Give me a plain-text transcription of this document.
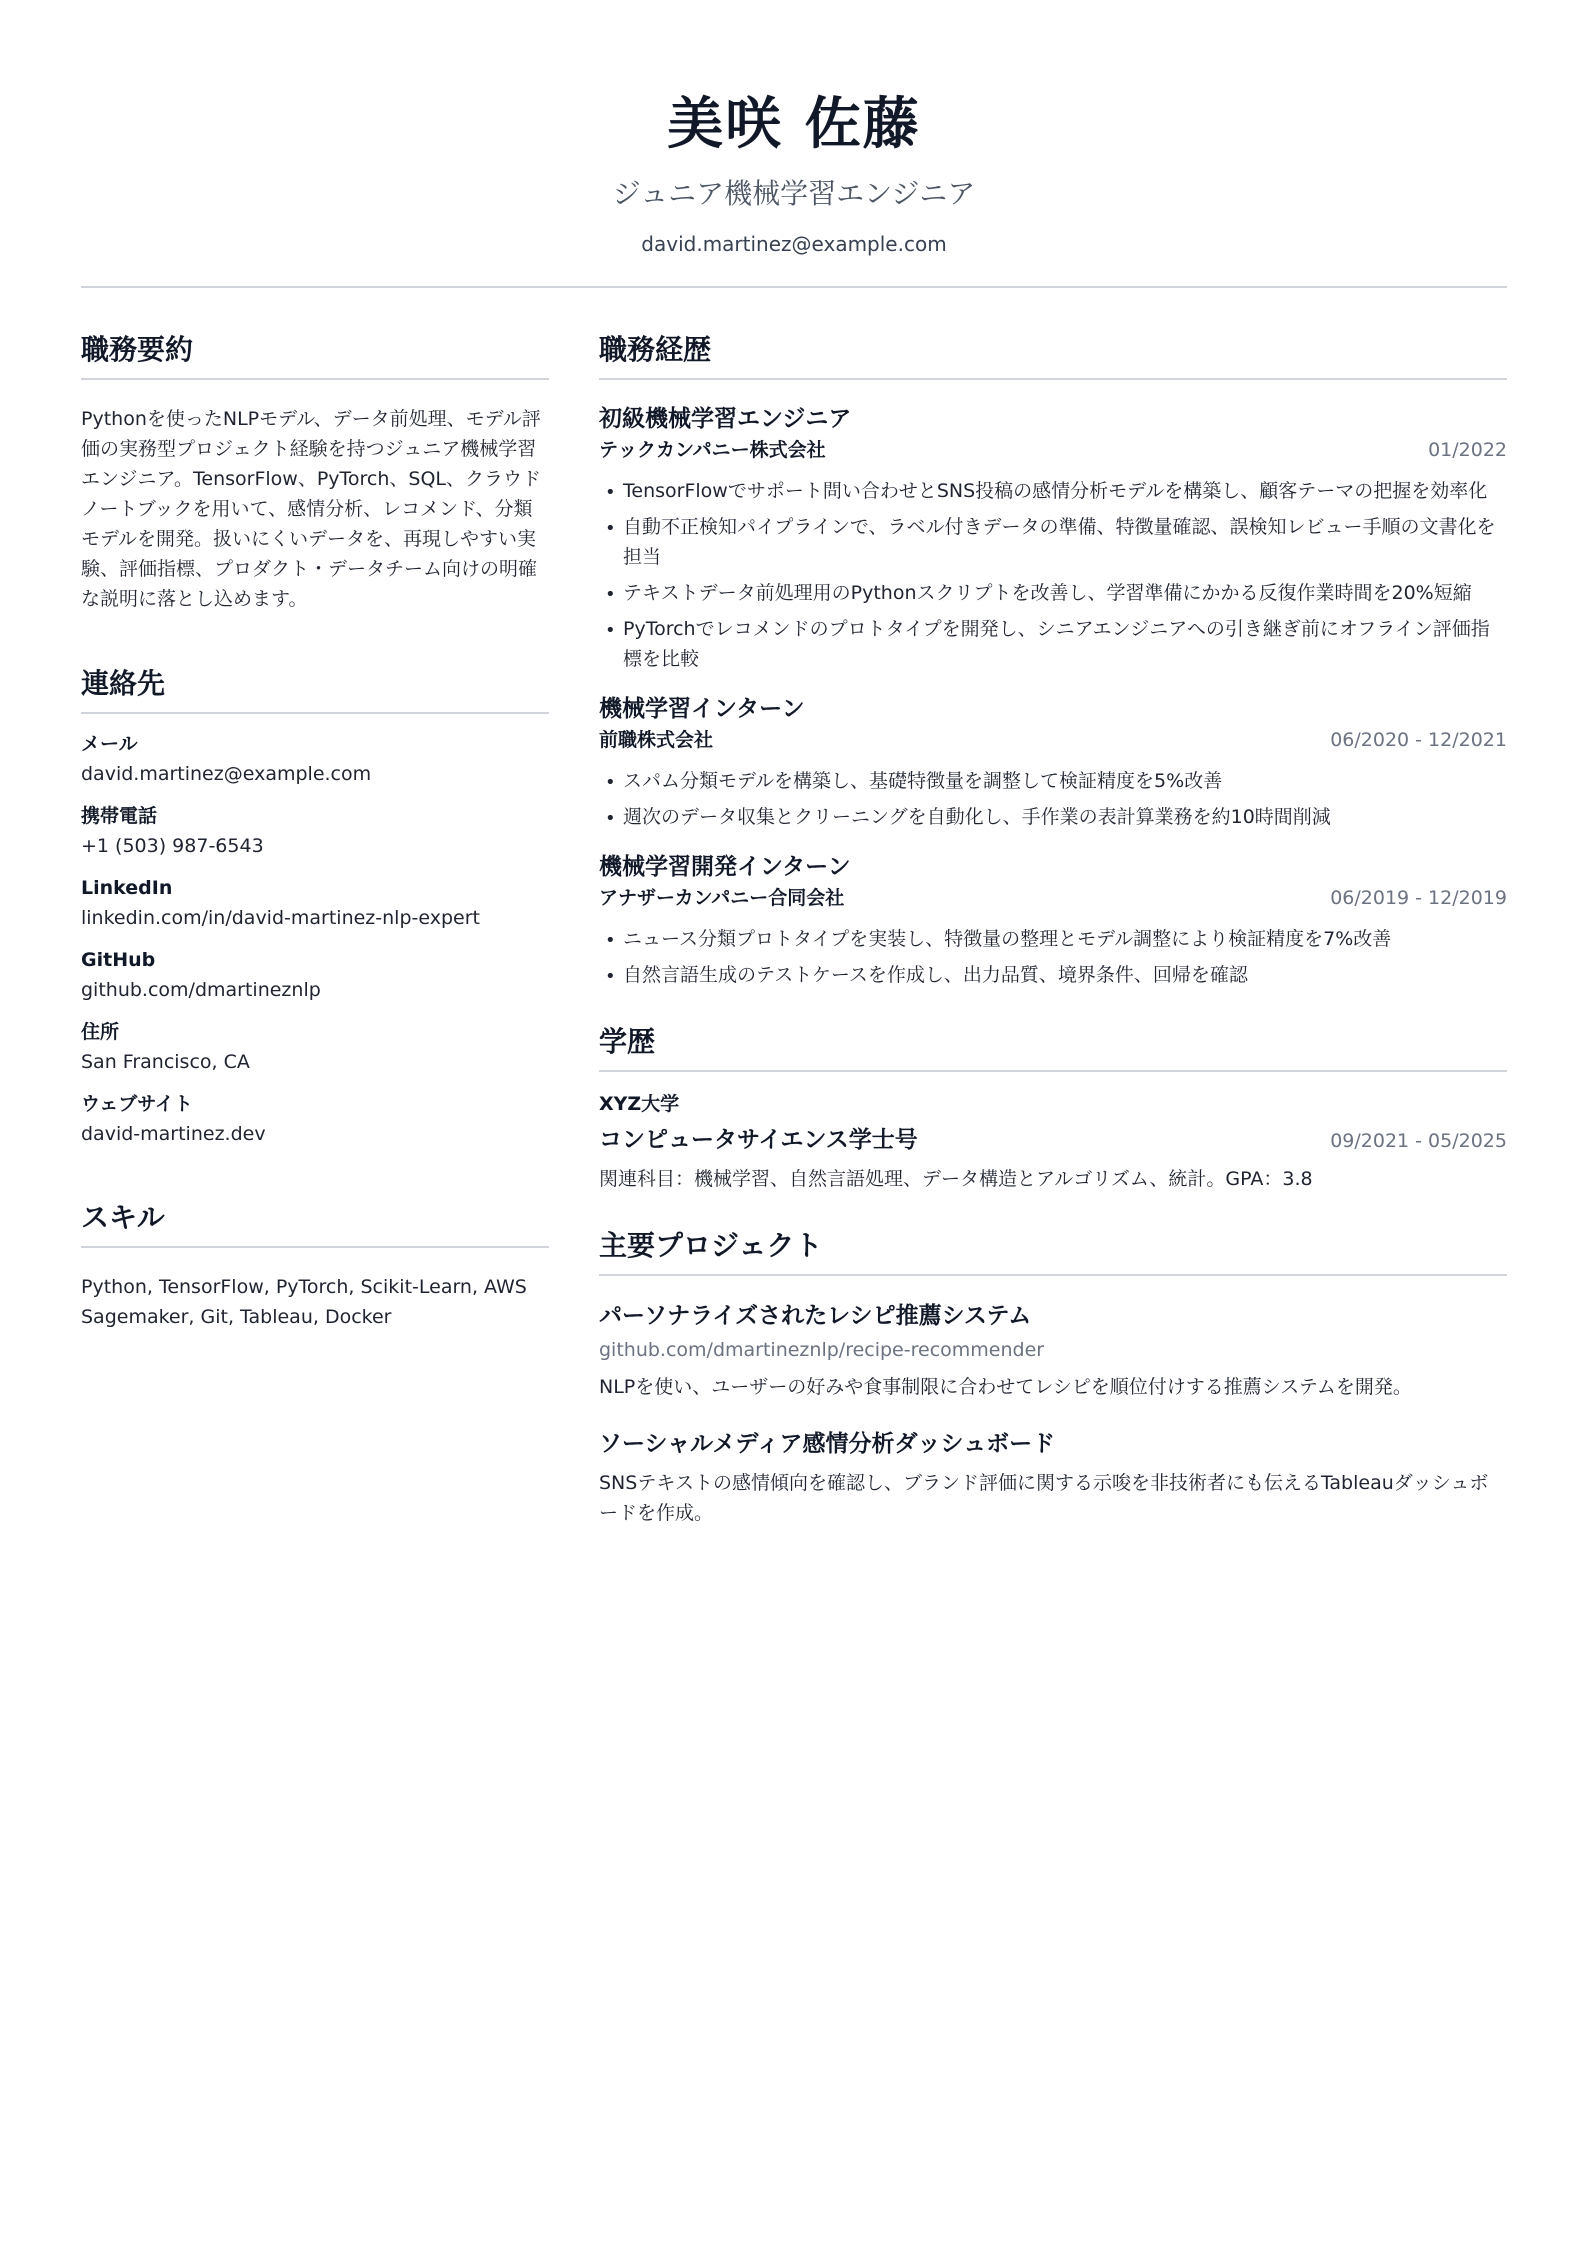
美咲 佐藤
ジュニア機械学習エンジニア
david.martinez@example.com
職務要約

Pythonを使ったNLPモデル、データ前処理、モデル評価の実務型プロジェクト経験を持つジュニア機械学習エンジニア。TensorFlow、PyTorch、SQL、クラウドノートブックを用いて、感情分析、レコメンド、分類モデルを開発。扱いにくいデータを、再現しやすい実験、評価指標、プロダクト・データチーム向けの明確な説明に落とし込めます。

連絡先
メール
david.martinez@example.com
携帯電話
+1 (503) 987-6543
LinkedIn
linkedin.com/in/david-martinez-nlp-expert
GitHub
github.com/dmartineznlp
住所
San Francisco, CA
ウェブサイト
david-martinez.dev
スキル

Python, TensorFlow, PyTorch, Scikit-Learn, AWS Sagemaker, Git, Tableau, Docker

職務経歴
初級機械学習エンジニア
テックカンパニー株式会社	01/2022
• TensorFlowでサポート問い合わせとSNS投稿の感情分析モデルを構築し、顧客テーマの把握を効率化
• 自動不正検知パイプラインで、ラベル付きデータの準備、特徴量確認、誤検知レビュー手順の文書化を担当
• テキストデータ前処理用のPythonスクリプトを改善し、学習準備にかかる反復作業時間を20%短縮
• PyTorchでレコメンドのプロトタイプを開発し、シニアエンジニアへの引き継ぎ前にオフライン評価指標を比較
機械学習インターン
前職株式会社	06/2020 - 12/2021
• スパム分類モデルを構築し、基礎特徴量を調整して検証精度を5%改善
• 週次のデータ収集とクリーニングを自動化し、手作業の表計算業務を約10時間削減
機械学習開発インターン
アナザーカンパニー合同会社	06/2019 - 12/2019
• ニュース分類プロトタイプを実装し、特徴量の整理とモデル調整により検証精度を7%改善
• 自然言語生成のテストケースを作成し、出力品質、境界条件、回帰を確認
学歴
XYZ大学
コンピュータサイエンス学士号	09/2021 - 05/2025

関連科目：機械学習、自然言語処理、データ構造とアルゴリズム、統計。GPA：3.8

主要プロジェクト
パーソナライズされたレシピ推薦システム
github.com/dmartineznlp/recipe-recommender

NLPを使い、ユーザーの好みや食事制限に合わせてレシピを順位付けする推薦システムを開発。

ソーシャルメディア感情分析ダッシュボード

SNSテキストの感情傾向を確認し、ブランド評価に関する示唆を非技術者にも伝えるTableauダッシュボードを作成。
